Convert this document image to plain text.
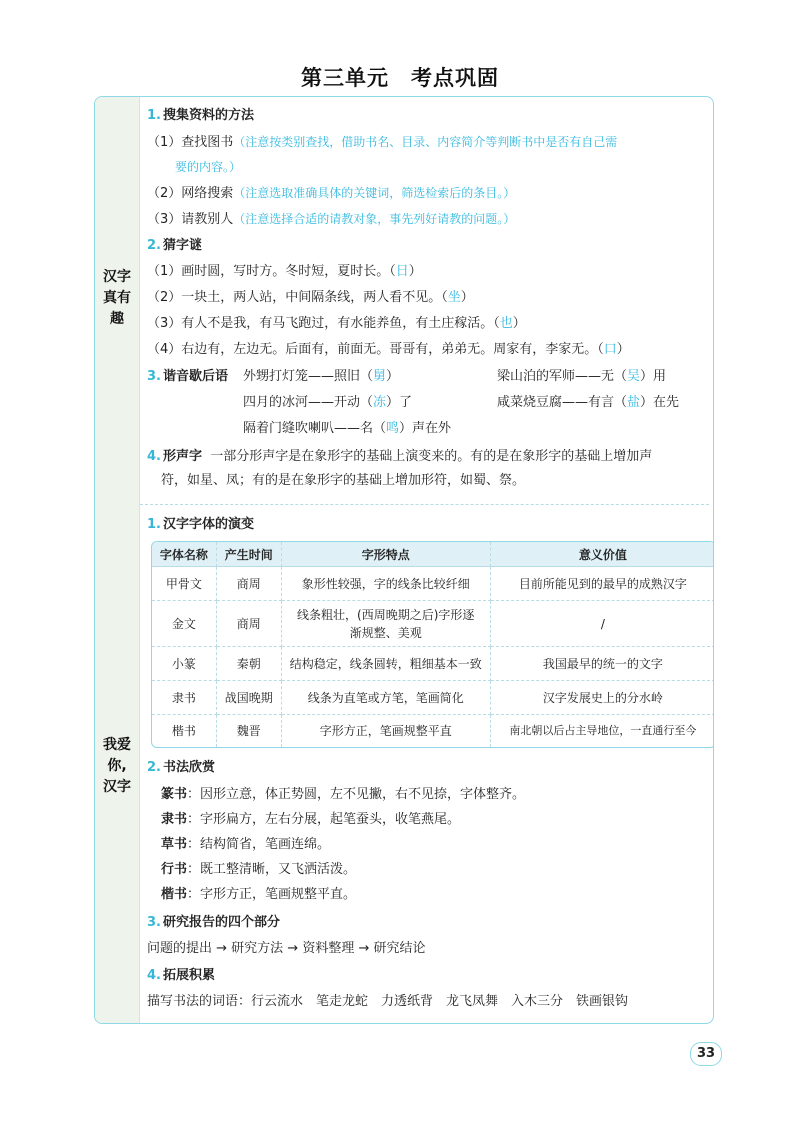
第三单元　考点巩固
汉字
真有
趣
我爱
你,
汉字
1. 搜集资料的方法
（1）查找图书（注意按类别查找，借助书名、目录、内容简介等判断书中是否有自己需
要的内容。）
（2）网络搜索（注意选取准确具体的关键词，筛选检索后的条目。）
（3）请教别人（注意选择合适的请教对象，事先列好请教的问题。）
2. 猜字谜
（1）画时圆，写时方。冬时短，夏时长。（日）
（2）一块土，两人站，中间隔条线，两人看不见。（坐）
（3）有人不是我，有马飞跑过，有水能养鱼，有土庄稼活。（也）
（4）右边有，左边无。后面有，前面无。哥哥有，弟弟无。周家有，李家无。（口）
3. 谐音歇后语 外甥打灯笼——照旧（舅）	梁山泊的军师——无（吴）用
四月的冰河——开动（冻）了	咸菜烧豆腐——有言（盐）在先
隔着门缝吹喇叭——名（鸣）声在外
4. 形声字 一部分形声字是在象形字的基础上演变来的。有的是在象形字的基础上增加声
符，如星、凤；有的是在象形字的基础上增加形符，如蜀、祭。
1. 汉字字体的演变
字体名称	产生时间	字形特点	意义价值
甲骨文	商周	象形性较强，字的线条比较纤细	目前所能见到的最早的成熟汉字
金文	商周	线条粗壮，(西周晚期之后)字形逐
渐规整、美观	/
小篆	秦朝	结构稳定，线条圆转，粗细基本一致	我国最早的统一的文字
隶书	战国晚期	线条为直笔或方笔，笔画简化	汉字发展史上的分水岭
楷书	魏晋	字形方正，笔画规整平直	南北朝以后占主导地位，一直通行至今
2. 书法欣赏
篆书：因形立意，体正势圆，左不见撇，右不见捺，字体整齐。
隶书：字形扁方，左右分展，起笔蚕头，收笔燕尾。
草书：结构简省，笔画连绵。
行书：既工整清晰，又飞洒活泼。
楷书：字形方正，笔画规整平直。
3. 研究报告的四个部分
问题的提出 → 研究方法 → 资料整理 → 研究结论
4. 拓展积累
描写书法的词语：行云流水　笔走龙蛇　力透纸背　龙飞凤舞　入木三分　铁画银钩
33
